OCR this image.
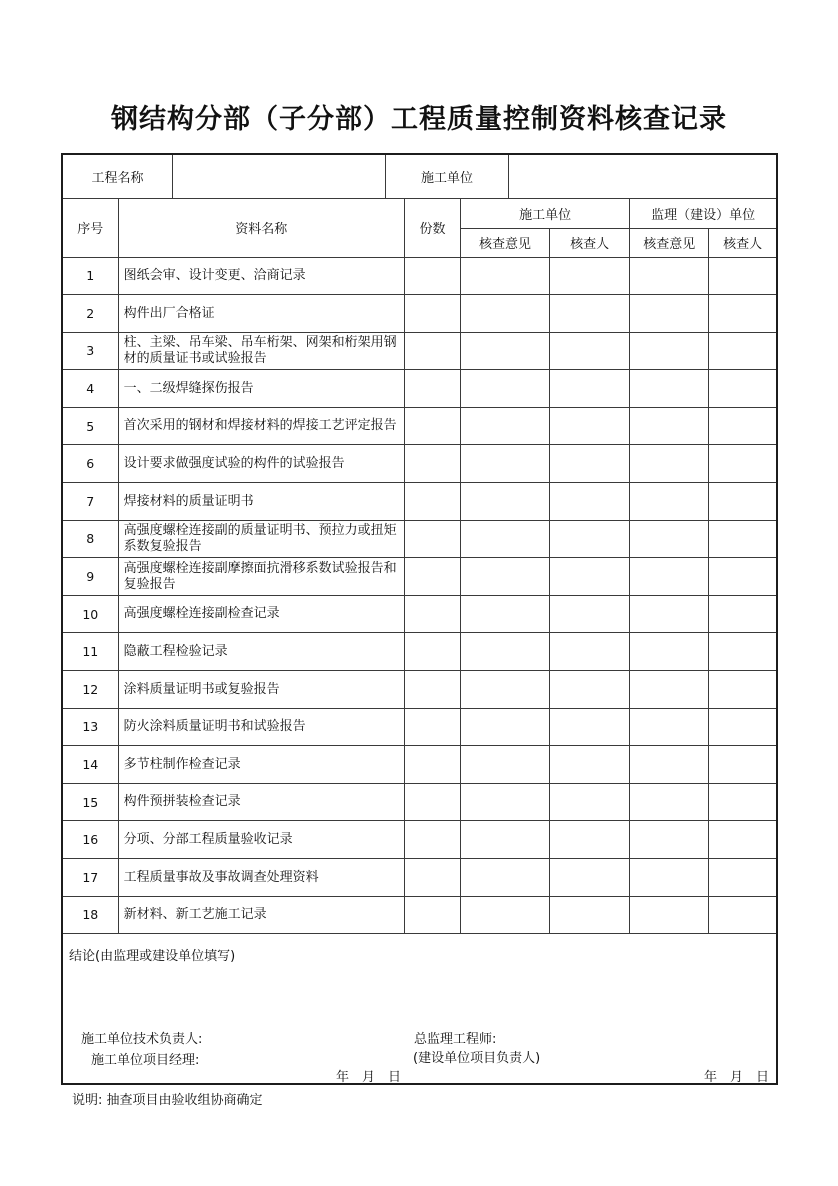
钢结构分部（子分部）工程质量控制资料核查记录
工程名称	施工单位
序号	资料名称	份数	施工单位		监理（建设）单位	
			核查意见	核查人	核查意见	核查人
1	图纸会审、设计变更、洽商记录					
2	构件出厂合格证					
3	柱、主梁、吊车梁、吊车桁架、网架和桁架用钢材的质量证书或试验报告					
4	一、二级焊缝探伤报告					
5	首次采用的钢材和焊接材料的焊接工艺评定报告					
6	设计要求做强度试验的构件的试验报告					
7	焊接材料的质量证明书					
8	高强度螺栓连接副的质量证明书、预拉力或扭矩系数复验报告					
9	高强度螺栓连接副摩擦面抗滑移系数试验报告和复验报告					
10	高强度螺栓连接副检查记录					
11	隐蔽工程检验记录					
12	涂料质量证明书或复验报告					
13	防火涂料质量证明书和试验报告					
14	多节柱制作检查记录					
15	构件预拼装检查记录					
16	分项、分部工程质量验收记录					
17	工程质量事故及事故调查处理资料					
18	新材料、新工艺施工记录					
结论(由监理或建设单位填写)
施工单位技术负责人:
施工单位项目经理:
总监理工程师:
(建设单位项目负责人)
年　月　日	年　月　日
说明: 抽查项目由验收组协商确定
